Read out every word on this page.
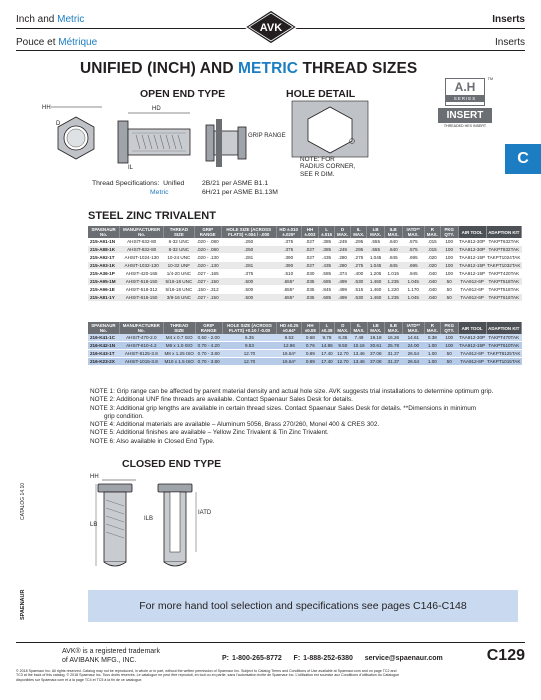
Inch and Metric
Pouce et Métrique
Inserts
Inserts
AVK
UNIFIED (INCH) AND METRIC THREAD SIZES
C
OPEN END TYPE
HH
D
HD
IL
GRIP RANGE
HOLE DETAIL
NOTE: FOR
RADIUS CORNER,
SEE R DIM.
A.H
SERIES
TM
INSERT
THREADED HEX INSERT
Thread Specifications: Unified	2B/21 per ASME B1.1
Metric	6H/21 per ASME B1.13M
STEEL ZINC TRIVALENT
SPAENAUR No.	MANUFACTURER No.	THREAD SIZE	GRIP RANGE	HOLE SIZE (ACROSS FLATS) +.004 / -.000	HD ±.010 ±.025*	HH ±.003	L ±.015	D MAX.	IL MAX.	LB MAX.	ILB MAX.	IATD** MAX.	R MAX.	PKG QTY.	AIR TOOL	ADAPTION KIT
215-A91-1N	AHSIT-632-80	6-32 UNC	.020 - .080	.250	.375	.027	.385	.249	.295	.555	.640	.575	.015	100	TAA912-30P	TAKPT632TAK
215-A88-1K	AHSIT-832-80	8-32 UNC	.020 - .080	.250	.375	.027	.385	.249	.295	.555	.640	.575	.015	100	TAA912-30P	TAKPT832TAK
215-A92-1T	AHSIT-1024-130	10-24 UNC	.020 - .130	.281	.390	.027	.435	.280	.275	1.045	.845	.695	.020	100	TAA912-15P	TAKPT1024TAK
215-A93-1K	AHSIT-1032-130	10-32 UNF	.020 - .130	.281	.390	.027	.435	.280	.275	1.045	.845	.695	.020	100	TAA912-15P	TAKPT1032TAK
215-A36-1P	AHSIT-420-165	1/4-20 UNC	.027 - .165	.375	.510	.030	.585	.374	.400	1.205	1.015	.945	.040	100	TAA912-15P	TAKPT420TAK
215-A95-1M	AHSIT-518-150	5/16-18 UNC	.027 - .150	.500	.655*	.035	.685	.499	.530	1.460	1.235	1.045	.040	50	TAA912-6P	TAKPT518TAK
215-A96-1E	AHSIT-518-312	5/16-18 UNC	.150 - .312	.500	.655*	.035	.845	.499	.515	1.460	1.220	1.170	.040	50	TAA912-6P	TAKPT518TAK
215-A81-1Y	AHSIT-616-150	3/8-16 UNC	.027 - .150	.500	.655*	.035	.685	.499	.530	1.460	1.235	1.045	.040	50	TAA912-6P	TAKPT616TAK
SPAENAUR No.	MANUFACTURER No.	THREAD SIZE	GRIP RANGE	HOLE SIZE (ACROSS FLATS) +0.10 / -0.00	HD ±0.25 ±0.64*	HH ±0.08	L ±0.38	D MAX.	IL MAX.	LB MAX.	ILB MAX.	IATD** MAX.	R MAX.	PKG QTY.	AIR TOOL	ADAPTION KIT
216-K41-1C	AHSIT-470-2.0	M4 x 0.7 ISO	0.50 - 2.00	6.35	9.53	0.68	9.78	6.35	7.49	19.18	16.26	14.61	0.38	100	TAA912-30P	TAKPT470TAK
216-K42-1N	AHSIT-610-4.2	M6 x 1.0 ISO	0.70 - 4.20	9.53	12.96	0.76	14.86	9.50	10.16	30.61	25.78	24.00	1.00	100	TAA912-15P	TAKPT610TAK
216-K43-1T	AHSIT-8125-3.8	M8 x 1.25 ISO	0.70 - 3.80	12.70	16.64*	0.89	17.40	12.70	13.46	37.08	31.37	26.54	1.00	50	TAA912-6P	TAKPT8125TAK
216-K23-2X	AHSIT-1015-3.8	M10 x 1.5 ISO	0.70 - 3.80	12.70	16.64*	0.89	17.40	12.70	13.46	37.08	31.37	26.54	1.00	50	TAA912-6P	TAKPT1015TAK

NOTE 1: Grip range can be affected by parent material density and actual hole size. AVK suggests trial installations to determine optimum grip.

NOTE 2: Additional UNF fine threads are available. Contact Spaenaur Sales Desk for details.

NOTE 3: Additional grip lengths are available in certain thread sizes. Contact Spaenaur Sales Desk for details. **Dimensions in minimum

grip condition.

NOTE 4: Additional materials are available – Aluminum 5056, Brass 270/260, Monel 400 & CRES 302.

NOTE 5: Additional finishes are available – Yellow Zinc Trivalent & Tin Zinc Trivalent.

NOTE 6: Also available in Closed End Type.

CLOSED END TYPE
HH
LB
ILB
IATD
CATALOG 14.10
SPAENAUR	For more hand tool selection and specifications see pages C146-C148
AVK® is a registered trademark
of AVIBANK MFG., INC.	P: 1-800-265-8772 F: 1-888-252-6380 service@spaenaur.com	C129
© 2018 Spaenaur Inc. All rights reserved. Catalog may not be reproduced, in whole or in part, without the written permission of Spaenaur Inc. Subject to Catalog Terms and Conditions of Use available at Spaenaur.com and on page TC2 and
TC3 at the back of this catalog. © 2018 Spaenaur Inc. Tous droits réservés. Le catalogue ne peut être reproduit, en tout ou en partie, sans l’autorisation écrite de Spaenaur Inc. L’utilisation est soumise aux Conditions d’utilisation du Catalogue
disponibles sur Spaenaur.com et à la page TC4 et TC5 à la fin de ce catalogue.
